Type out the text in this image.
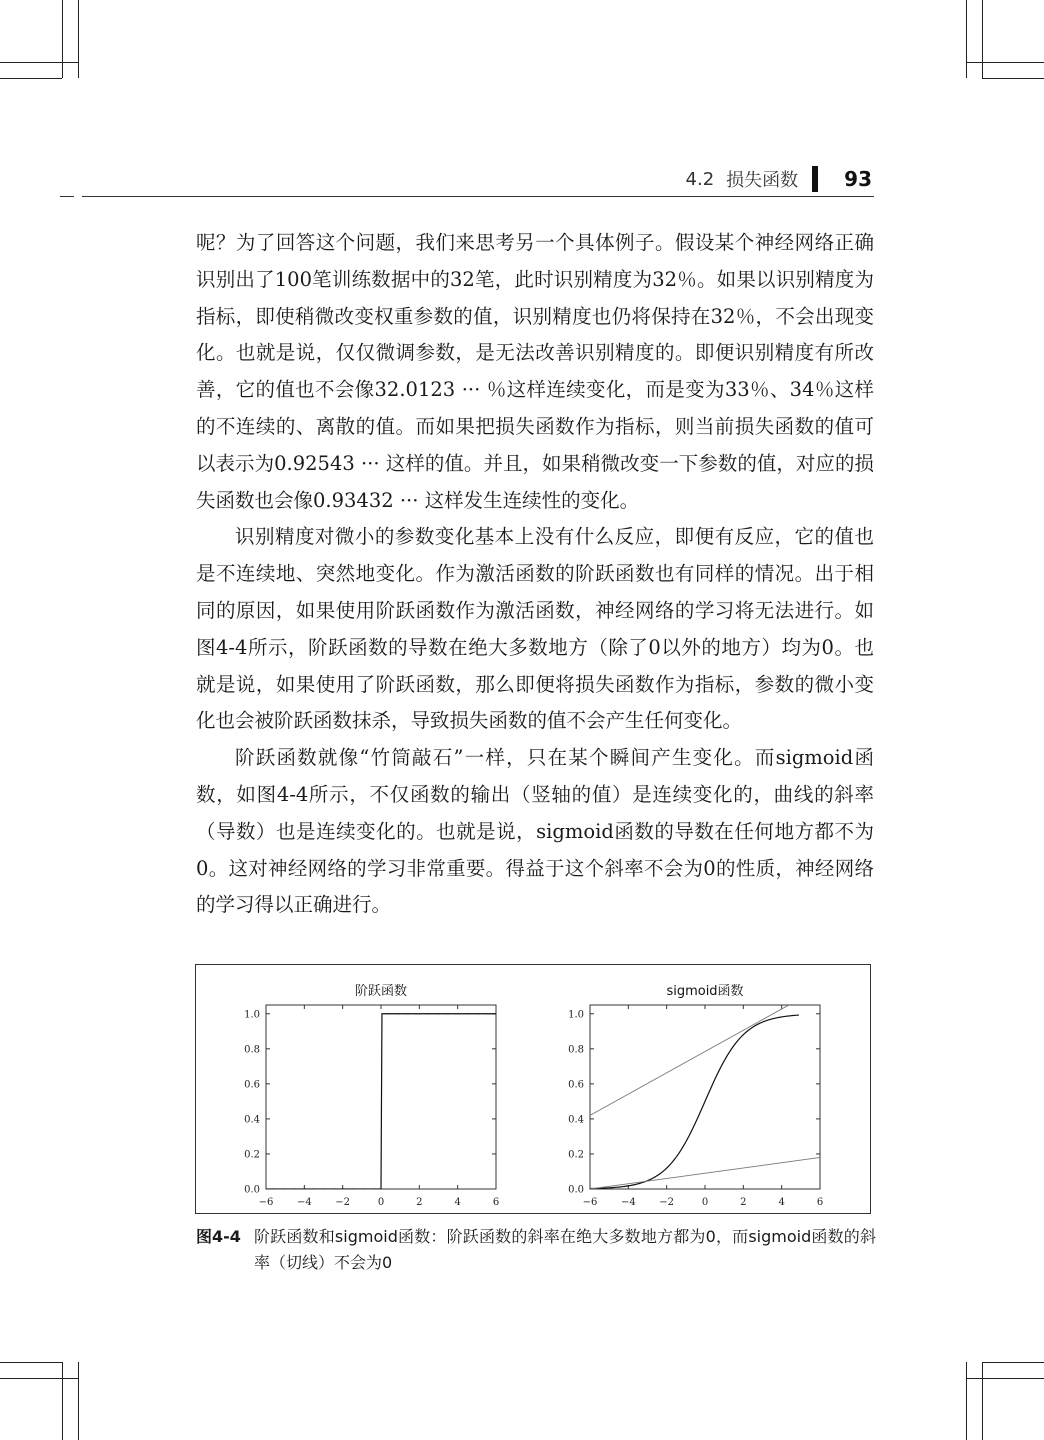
4.2 损失函数 93

呢？为了回答这个问题，我们来思考另一个具体例子。假设某个神经网络正确识别出了100笔训练数据中的32笔，此时识别精度为32％。如果以识别精度为指标，即使稍微改变权重参数的值，识别精度也仍将保持在32％，不会出现变化。也就是说，仅仅微调参数，是无法改善识别精度的。即便识别精度有所改善，它的值也不会像32.0123 ··· ％这样连续变化，而是变为33％、34％这样的不连续的、离散的值。而如果把损失函数作为指标，则当前损失函数的值可以表示为0.92543 ··· 这样的值。并且，如果稍微改变一下参数的值，对应的损失函数也会像0.93432 ··· 这样发生连续性的变化。

识别精度对微小的参数变化基本上没有什么反应，即便有反应，它的值也是不连续地、突然地变化。作为激活函数的阶跃函数也有同样的情况。出于相同的原因，如果使用阶跃函数作为激活函数，神经网络的学习将无法进行。如图4-4所示，阶跃函数的导数在绝大多数地方（除了0以外的地方）均为0。也就是说，如果使用了阶跃函数，那么即便将损失函数作为指标，参数的微小变化也会被阶跃函数抹杀，导致损失函数的值不会产生任何变化。

阶跃函数就像“竹筒敲石”一样，只在某个瞬间产生变化。而sigmoid函数，如图4-4所示，不仅函数的输出（竖轴的值）是连续变化的，曲线的斜率（导数）也是连续变化的。也就是说，sigmoid函数的导数在任何地方都不为0。这对神经网络的学习非常重要。得益于这个斜率不会为0的性质，神经网络的学习得以正确进行。

阶跃函数
−6 −4 −2	0	2	4	6
0.0
0.2
0.4
0.6
0.8
1.0
sigmoid函数
−6 −4 −2	0	2	4	6
0.0
0.2
0.4
0.6
0.8
1.0
图4-4 阶跃函数和sigmoid函数：阶跃函数的斜率在绝大多数地方都为0，而sigmoid函数的斜率（切线）不会为0
